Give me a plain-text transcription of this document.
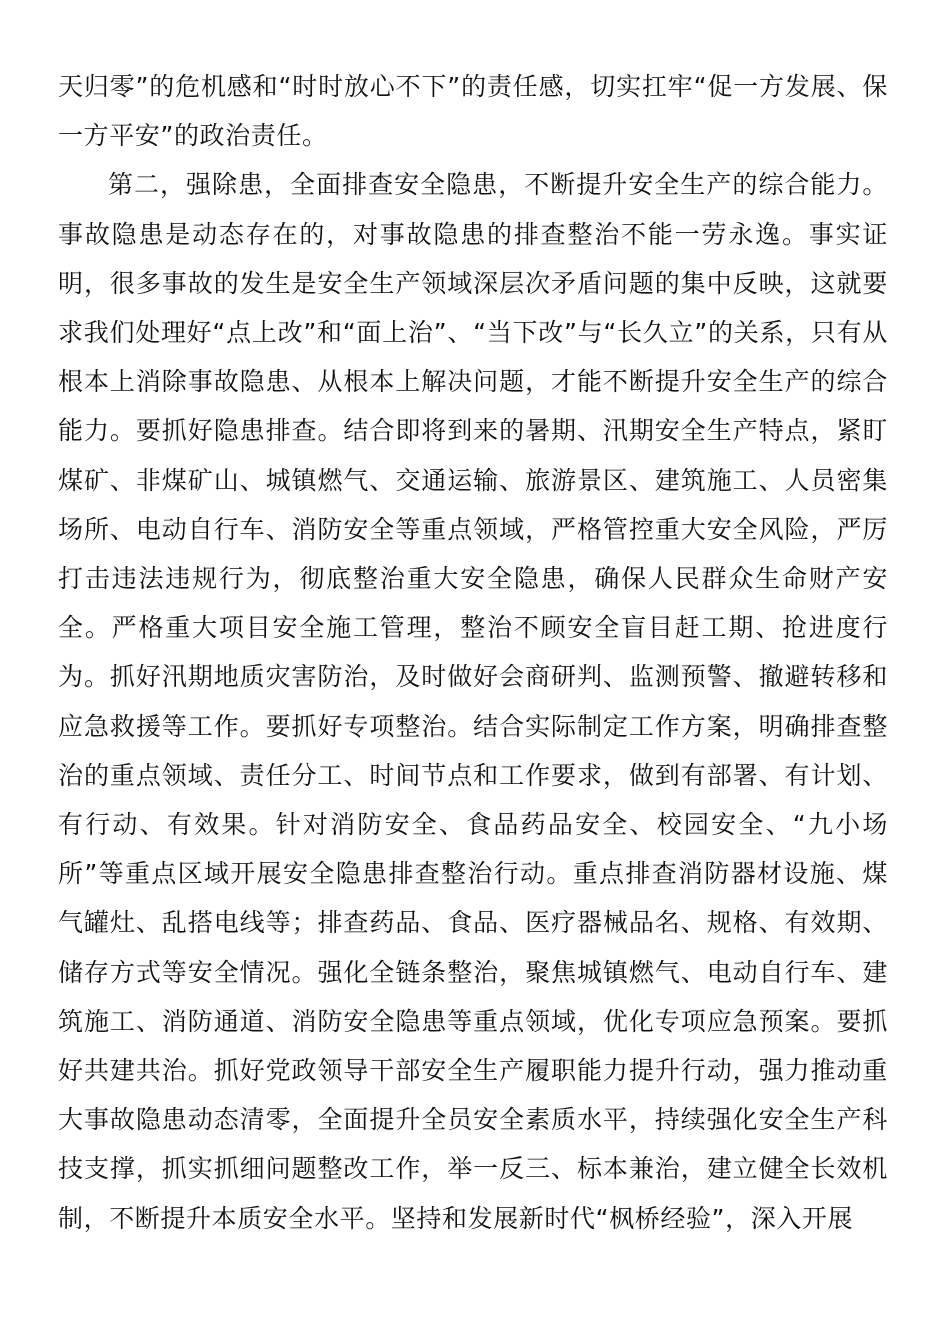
天归零”的危机感和“时时放心不下”的责任感，切实扛牢“促一方发展、保一方平安”的政治责任。

第二，强除患，全面排查安全隐患，不断提升安全生产的综合能力。事故隐患是动态存在的，对事故隐患的排查整治不能一劳永逸。事实证明，很多事故的发生是安全生产领域深层次矛盾问题的集中反映，这就要求我们处理好“点上改”和“面上治”、“当下改”与“长久立”的关系，只有从根本上消除事故隐患、从根本上解决问题，才能不断提升安全生产的综合能力。要抓好隐患排查。结合即将到来的暑期、汛期安全生产特点，紧盯煤矿、非煤矿山、城镇燃气、交通运输、旅游景区、建筑施工、人员密集场所、电动自行车、消防安全等重点领域，严格管控重大安全风险，严厉打击违法违规行为，彻底整治重大安全隐患，确保人民群众生命财产安全。严格重大项目安全施工管理，整治不顾安全盲目赶工期、抢进度行为。抓好汛期地质灾害防治，及时做好会商研判、监测预警、撤避转移和应急救援等工作。要抓好专项整治。结合实际制定工作方案，明确排查整治的重点领域、责任分工、时间节点和工作要求，做到有部署、有计划、有行动、有效果。针对消防安全、食品药品安全、校园安全、“九小场所”等重点区域开展安全隐患排查整治行动。重点排查消防器材设施、煤气罐灶、乱搭电线等；排查药品、食品、医疗器械品名、规格、有效期、储存方式等安全情况。强化全链条整治，聚焦城镇燃气、电动自行车、建筑施工、消防通道、消防安全隐患等重点领域，优化专项应急预案。要抓好共建共治。抓好党政领导干部安全生产履职能力提升行动，强力推动重大事故隐患动态清零，全面提升全员安全素质水平，持续强化安全生产科技支撑，抓实抓细问题整改工作，举一反三、标本兼治，建立健全长效机制，不断提升本质安全水平。坚持和发展新时代“枫桥经验”，深入开展
